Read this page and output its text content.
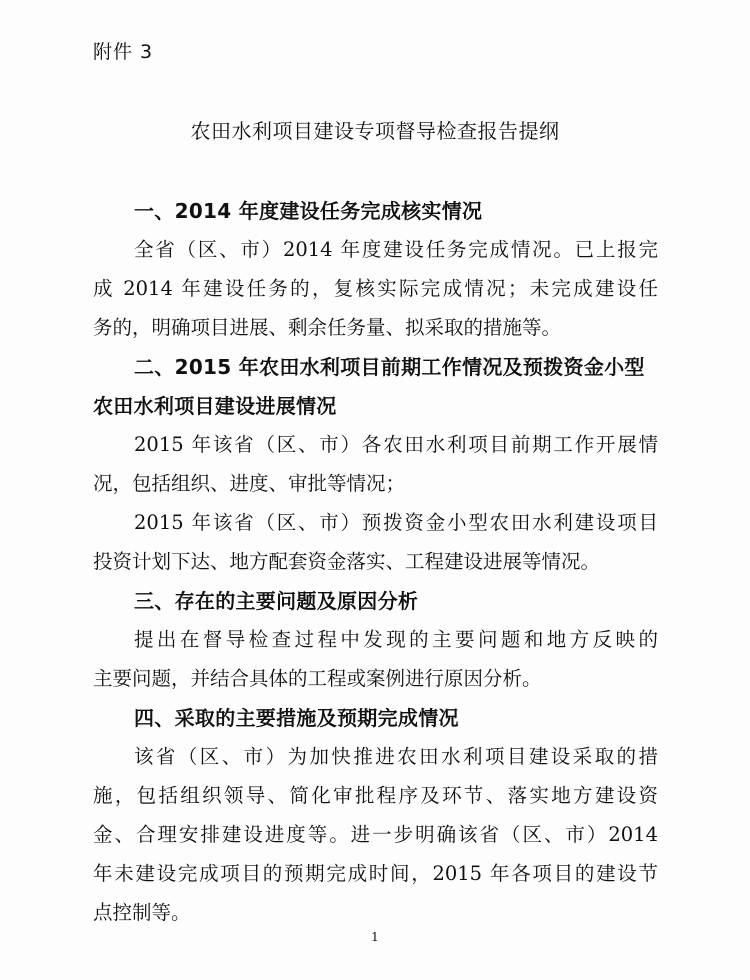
附件 3
农田水利项目建设专项督导检查报告提纲
一、2014 年度建设任务完成核实情况
全省（区、市）2014 年度建设任务完成情况。已上报完
成 2014 年建设任务的，复核实际完成情况；未完成建设任
务的，明确项目进展、剩余任务量、拟采取的措施等。
二、2015 年农田水利项目前期工作情况及预拨资金小型
农田水利项目建设进展情况
2015 年该省（区、市）各农田水利项目前期工作开展情
况，包括组织、进度、审批等情况；
2015 年该省（区、市）预拨资金小型农田水利建设项目
投资计划下达、地方配套资金落实、工程建设进展等情况。
三、存在的主要问题及原因分析
提出在督导检查过程中发现的主要问题和地方反映的
主要问题，并结合具体的工程或案例进行原因分析。
四、采取的主要措施及预期完成情况
该省（区、市）为加快推进农田水利项目建设采取的措
施，包括组织领导、简化审批程序及环节、落实地方建设资
金、合理安排建设进度等。进一步明确该省（区、市）2014
年未建设完成项目的预期完成时间，2015 年各项目的建设节
点控制等。
1
